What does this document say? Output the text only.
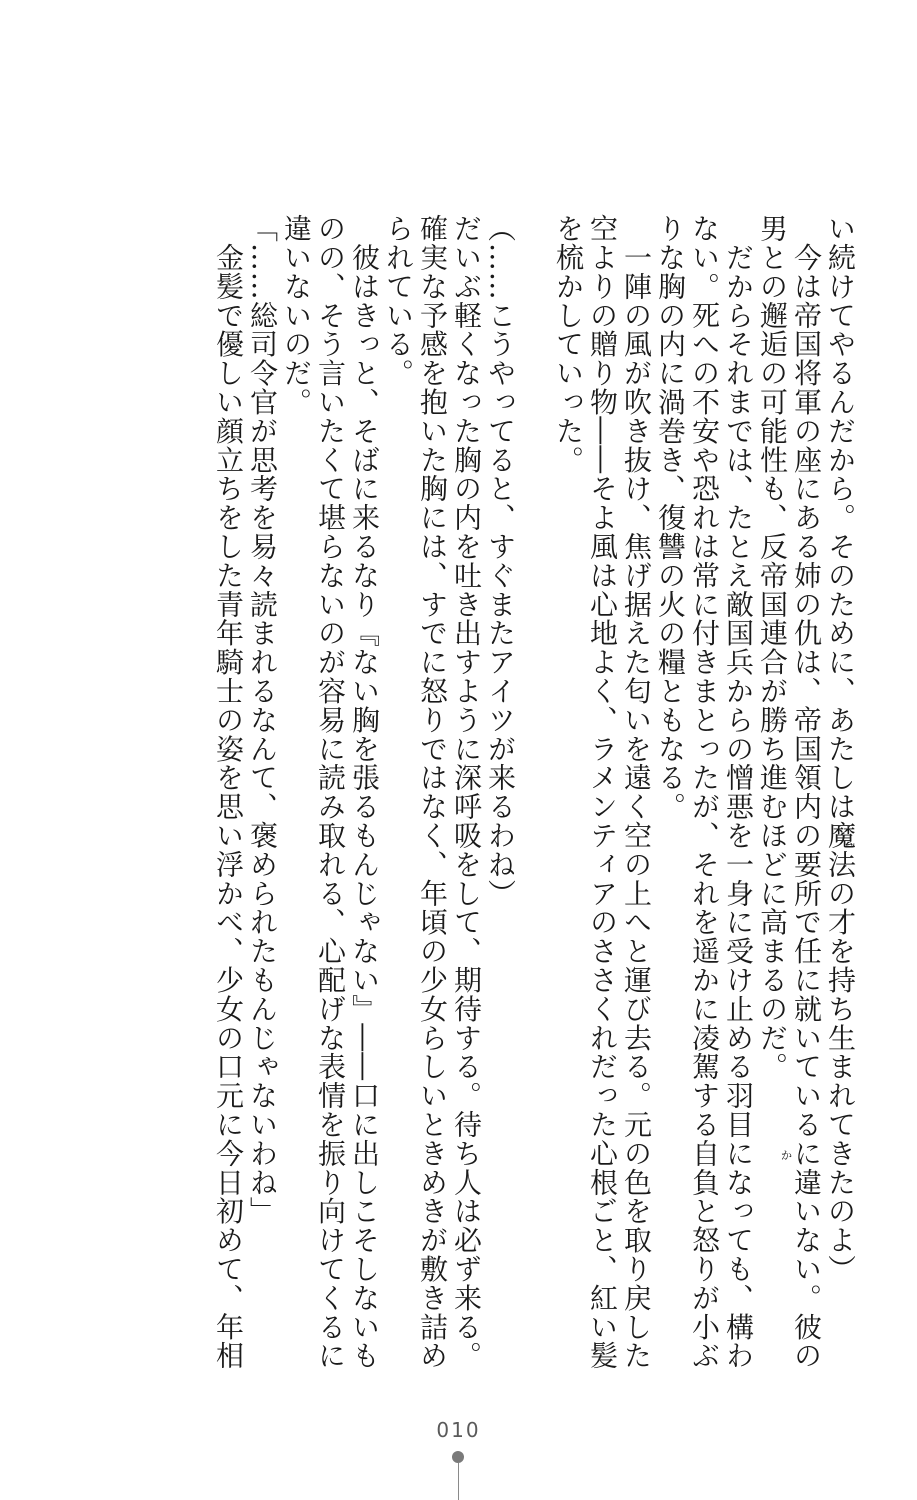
い続けてやるんだから。そのために、あたしは魔法の才を持ち生まれてきたのよ）

　今は帝国将軍の座にある姉の仇は、帝国領内の要所で任に就いているに違いない。彼の

男との邂逅の可能性も、反帝国連合が勝ち進むほどに高まるのだ。

　だからそれまでは、たとえ敵国兵からの憎悪を一身に受け止める羽目になっても、構わ

ない。死への不安や恐れは常に付きまとったが、それを遥かに凌駕する自負と怒りが小ぶ

りな胸の内に渦巻き、復讐の火の糧ともなる。

　一陣の風が吹き抜け、焦げ据えた匂いを遠く空の上へと運び去る。元の色を取り戻した

空よりの贈り物――そよ風は心地よく、ラメンティアのささくれだった心根ごと、紅い髪

を梳かしていった。

（……こうやってると、すぐまたアイツが来るわね）

だいぶ軽くなった胸の内を吐き出すように深呼吸をして、期待する。待ち人は必ず来る。

確実な予感を抱いた胸には、すでに怒りではなく、年頃の少女らしいときめきが敷き詰め

られている。

　彼はきっと、そばに来るなり『ない胸を張るもんじゃない』――口に出しこそしないも

のの、そう言いたくて堪らないのが容易に読み取れる、心配げな表情を振り向けてくるに

違いないのだ。

「……総司令官が思考を易々読まれるなんて、褒められたもんじゃないわね」

　金髪で優しい顔立ちをした青年騎士の姿を思い浮かべ、少女の口元に今日初めて、年相	か
010
